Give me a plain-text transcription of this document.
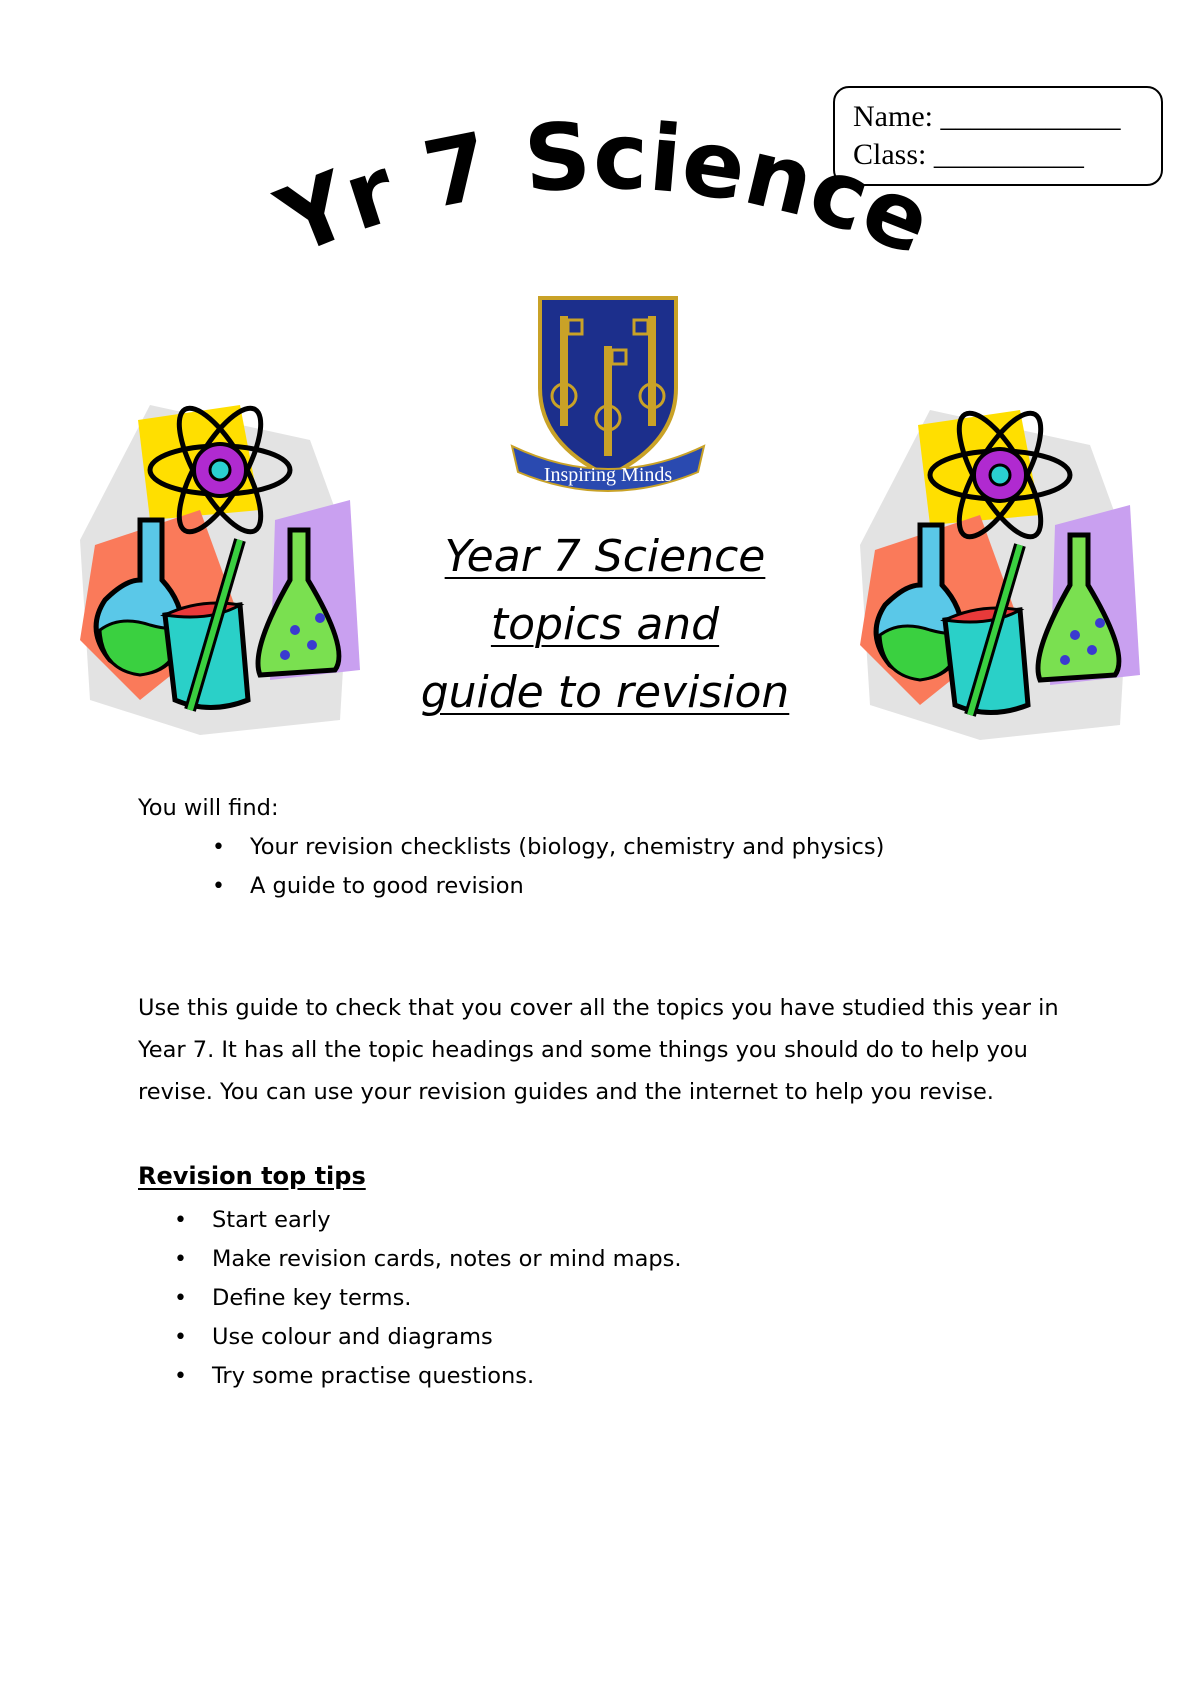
Name: ____________
Class: __________
Yr 7 Science
Inspiring Minds
Year 7 Science
topics and
guide to revision
You will find:
• Your revision checklists (biology, chemistry and physics)
• A guide to good revision
Use this guide to check that you cover all the topics you have studied this year in
Year 7. It has all the topic headings and some things you should do to help you
revise. You can use your revision guides and the internet to help you revise.
Revision top tips
• Start early
• Make revision cards, notes or mind maps.
• Define key terms.
• Use colour and diagrams
• Try some practise questions.
